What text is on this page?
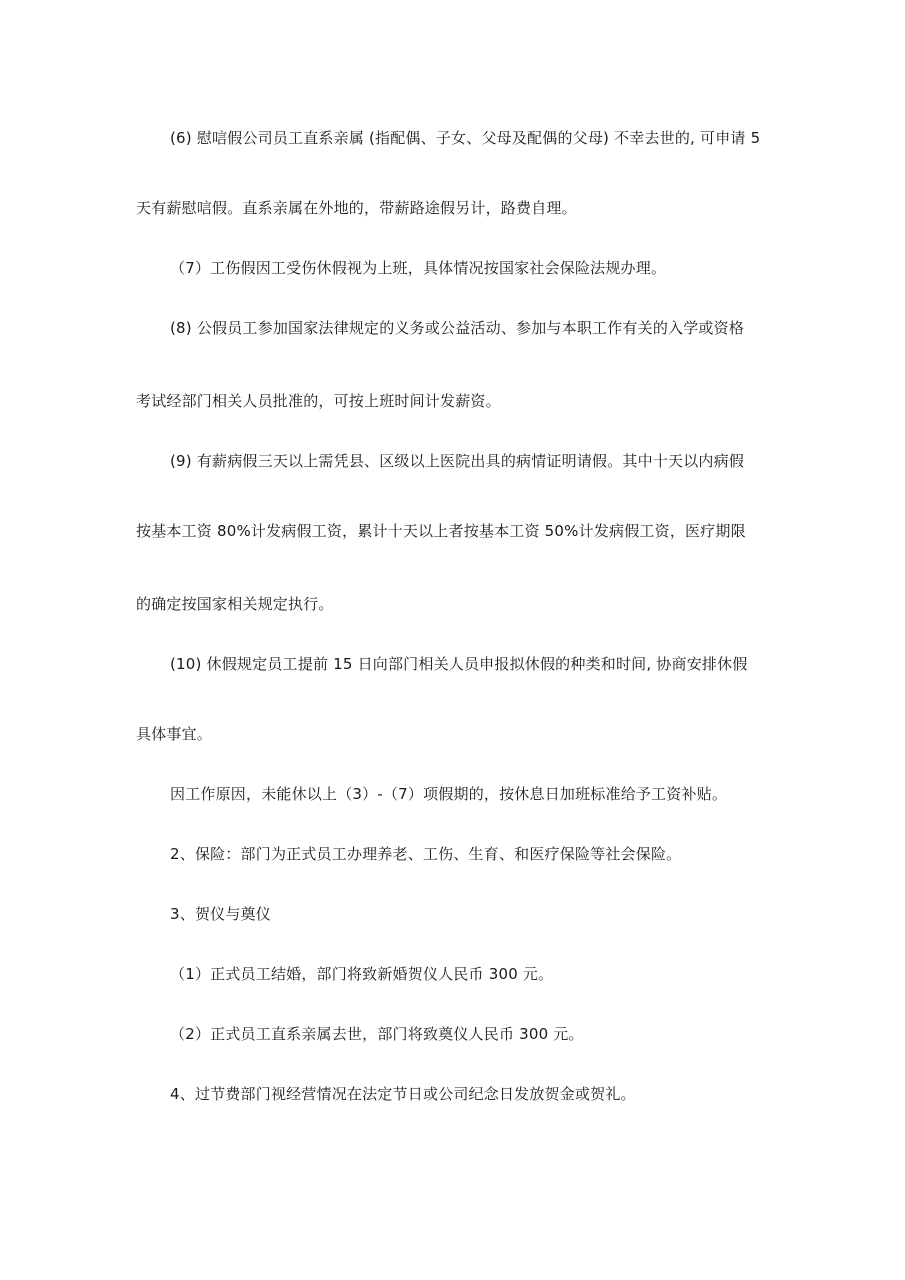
(6) 慰唁假公司员工直系亲属 (指配偶、子女、父母及配偶的父母) 不幸去世的, 可申请 5
天有薪慰唁假。直系亲属在外地的，带薪路途假另计，路费自理。
（7）工伤假因工受伤休假视为上班，具体情况按国家社会保险法规办理。
(8) 公假员工参加国家法律规定的义务或公益活动、参加与本职工作有关的入学或资格
考试经部门相关人员批准的，可按上班时间计发薪资。
(9) 有薪病假三天以上需凭县、区级以上医院出具的病情证明请假。其中十天以内病假
按基本工资 80%计发病假工资，累计十天以上者按基本工资 50%计发病假工资，医疗期限
的确定按国家相关规定执行。
(10) 休假规定员工提前 15 日向部门相关人员申报拟休假的种类和时间, 协商安排休假
具体事宜。
因工作原因，未能休以上（3）-（7）项假期的，按休息日加班标准给予工资补贴。
2、保险：部门为正式员工办理养老、工伤、生育、和医疗保险等社会保险。
3、贺仪与奠仪
（1）正式员工结婚，部门将致新婚贺仪人民币 300 元。
（2）正式员工直系亲属去世，部门将致奠仪人民币 300 元。
4、过节费部门视经营情况在法定节日或公司纪念日发放贺金或贺礼。
